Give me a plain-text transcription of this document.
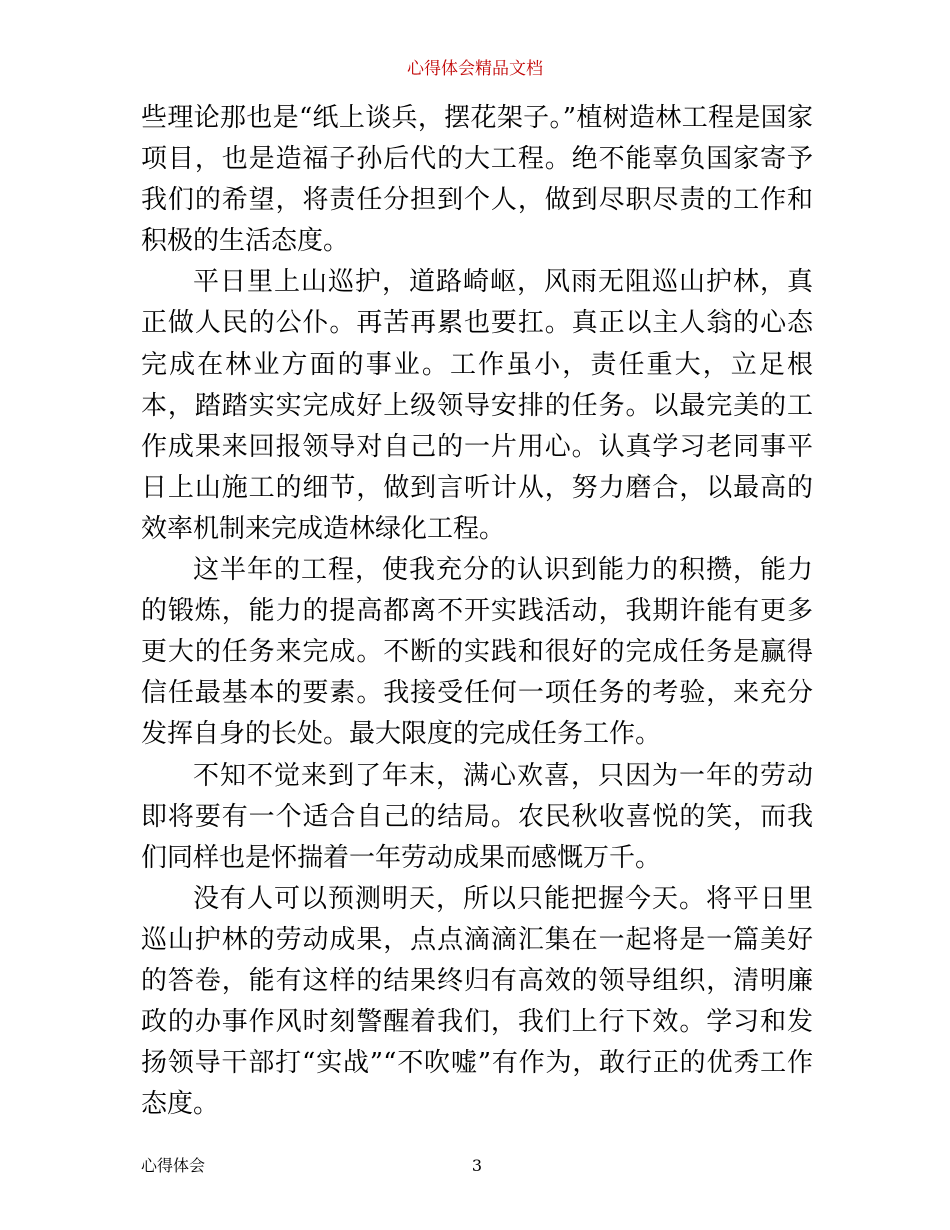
心得体会精品文档

些理论那也是“纸上谈兵，摆花架子。”植树造林工程是国家项目，也是造福子孙后代的大工程。绝不能辜负国家寄予我们的希望，将责任分担到个人，做到尽职尽责的工作和积极的生活态度。

平日里上山巡护，道路崎岖，风雨无阻巡山护林，真正做人民的公仆。再苦再累也要扛。真正以主人翁的心态完成在林业方面的事业。工作虽小，责任重大，立足根本，踏踏实实完成好上级领导安排的任务。以最完美的工作成果来回报领导对自己的一片用心。认真学习老同事平日上山施工的细节，做到言听计从，努力磨合，以最高的效率机制来完成造林绿化工程。

这半年的工程，使我充分的认识到能力的积攒，能力的锻炼，能力的提高都离不开实践活动，我期许能有更多更大的任务来完成。不断的实践和很好的完成任务是赢得信任最基本的要素。我接受任何一项任务的考验，来充分发挥自身的长处。最大限度的完成任务工作。

不知不觉来到了年末，满心欢喜，只因为一年的劳动即将要有一个适合自己的结局。农民秋收喜悦的笑，而我们同样也是怀揣着一年劳动成果而感慨万千。

没有人可以预测明天，所以只能把握今天。将平日里巡山护林的劳动成果，点点滴滴汇集在一起将是一篇美好的答卷，能有这样的结果终归有高效的领导组织，清明廉政的办事作风时刻警醒着我们，我们上行下效。学习和发扬领导干部打“实战”“不吹嘘”有作为，敢行正的优秀工作态度。

心得体会	3
